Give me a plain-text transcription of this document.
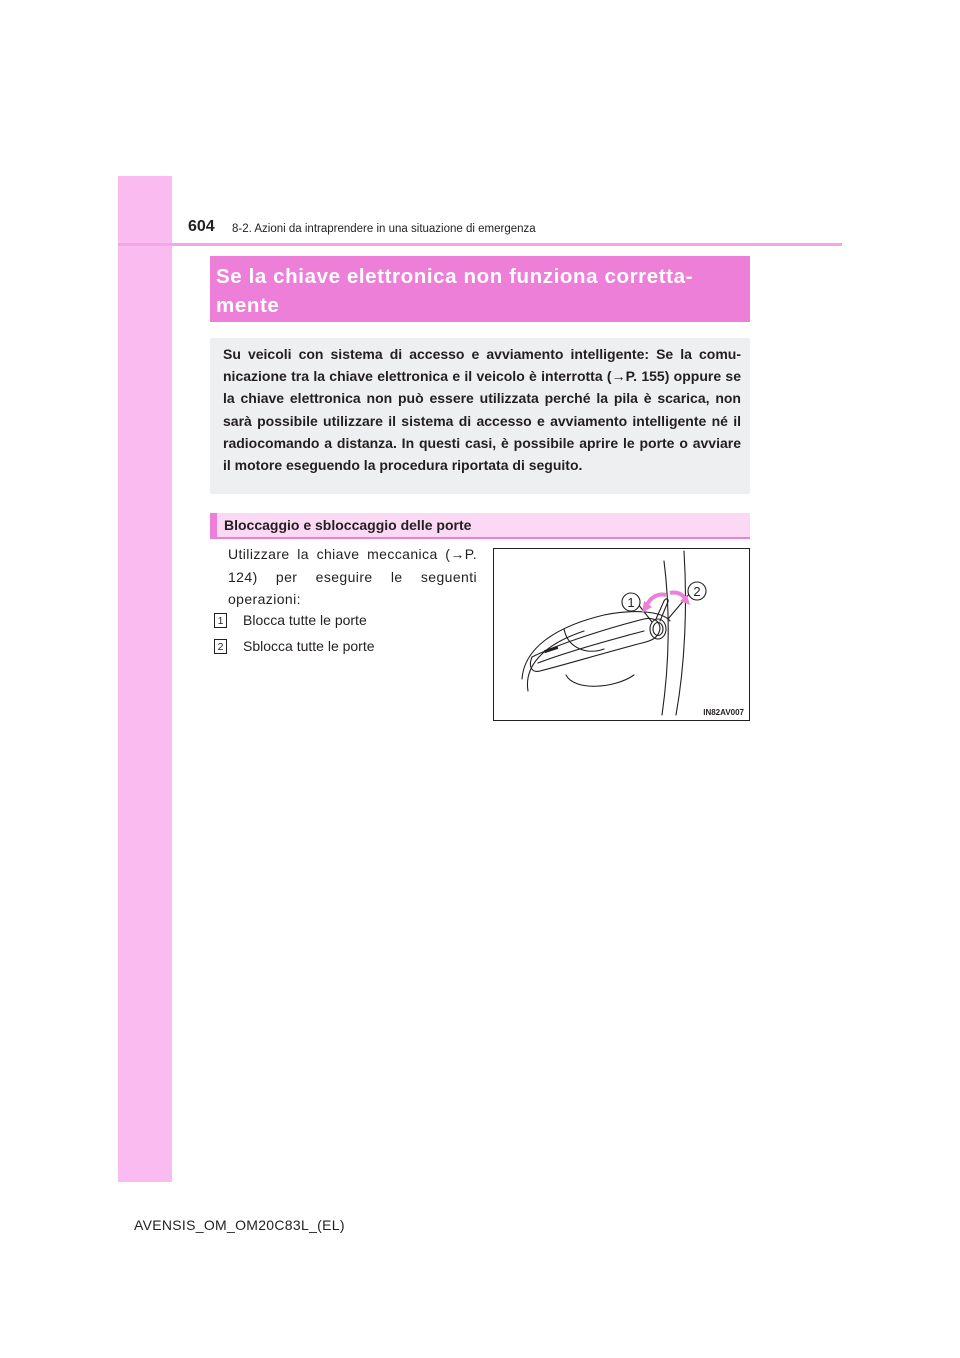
604 8-2. Azioni da intraprendere in una situazione di emergenza
Se la chiave elettronica non funziona corretta-
mente
Su veicoli con sistema di accesso e avviamento intelligente: Se la comu-nicazione tra la chiave elettronica e il veicolo è interrotta (→P. 155) oppure se la chiave elettronica non può essere utilizzata perché la pila è scarica, non sarà possibile utilizzare il sistema di accesso e avviamento intelligente né il radiocomando a distanza. In questi casi, è possibile aprire le porte o avviare il motore eseguendo la procedura riportata di seguito.
Bloccaggio e sbloccaggio delle porte
Utilizzare la chiave meccanica (→P. 124) per eseguire le seguenti operazioni:
1 Blocca tutte le porte
2 Sblocca tutte le porte
1
2
IN82AV007
AVENSIS_OM_OM20C83L_(EL)
